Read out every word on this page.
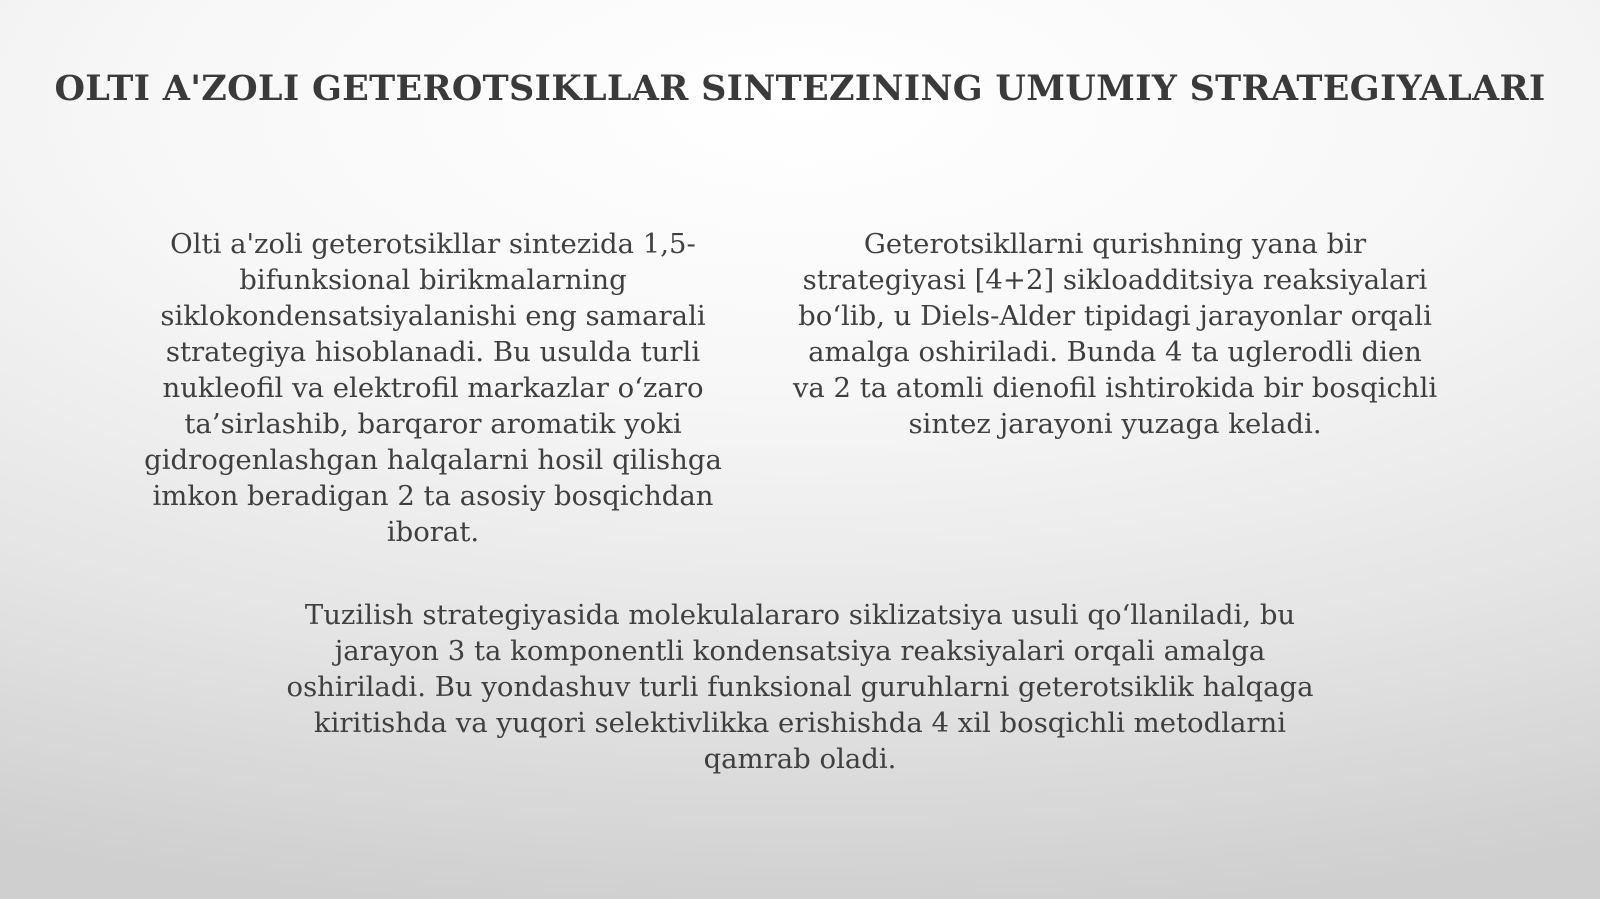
OLTI A'ZOLI GETEROTSIKLLAR SINTEZINING UMUMIY STRATEGIYALARI

Olti a'zoli geterotsikllar sintezida 1,5-bifunksional birikmalarning siklokondensatsiyalanishi eng samarali strategiya hisoblanadi. Bu usulda turli nukleofil va elektrofil markazlar o‘zaro ta’sirlashib, barqaror aromatik yoki gidrogenlashgan halqalarni hosil qilishga imkon beradigan 2 ta asosiy bosqichdan iborat.

Geterotsikllarni qurishning yana bir strategiyasi [4+2] sikloadditsiya reaksiyalari bo‘lib, u Diels-Alder tipidagi jarayonlar orqali amalga oshiriladi. Bunda 4 ta uglerodli dien va 2 ta atomli dienofil ishtirokida bir bosqichli sintez jarayoni yuzaga keladi.

Tuzilish strategiyasida molekulalararo siklizatsiya usuli qo‘llaniladi, bu jarayon 3 ta komponentli kondensatsiya reaksiyalari orqali amalga oshiriladi. Bu yondashuv turli funksional guruhlarni geterotsiklik halqaga kiritishda va yuqori selektivlikka erishishda 4 xil bosqichli metodlarni qamrab oladi.
